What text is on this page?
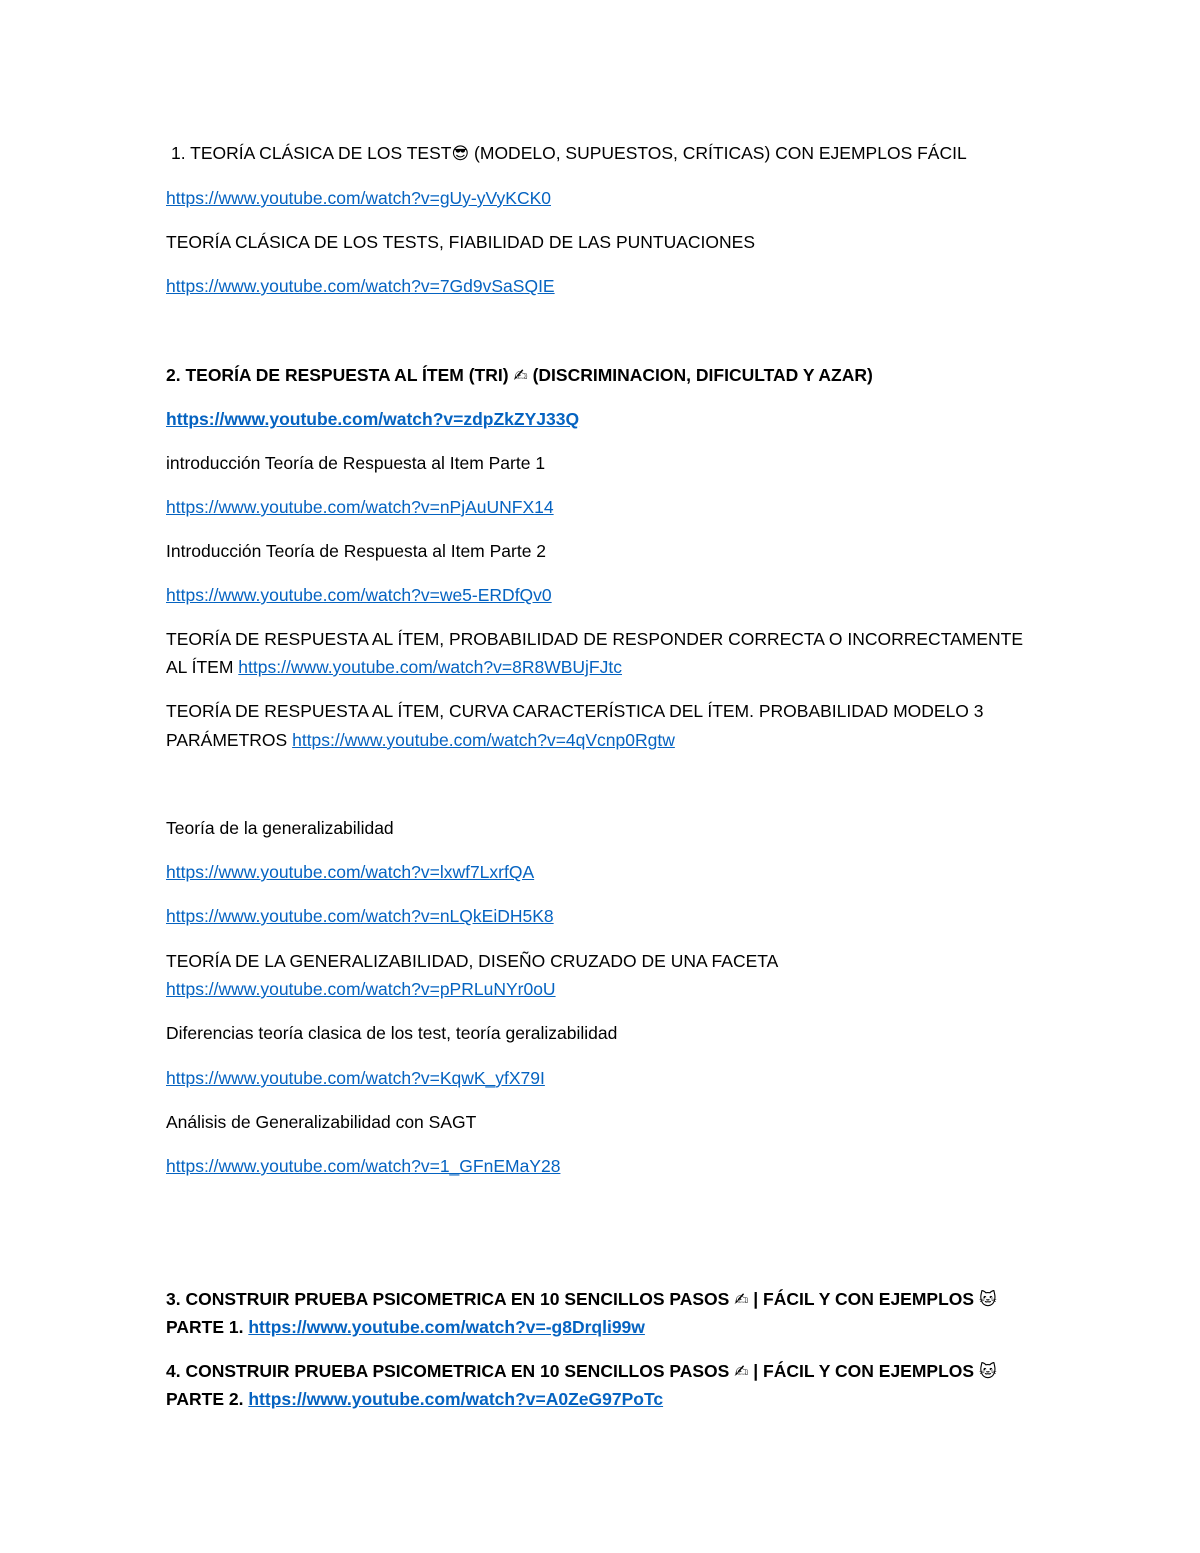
1. TEORÍA CLÁSICA DE LOS TEST😎 (MODELO, SUPUESTOS, CRÍTICAS) CON EJEMPLOS FÁCIL
https://www.youtube.com/watch?v=gUy-yVyKCK0
TEORÍA CLÁSICA DE LOS TESTS, FIABILIDAD DE LAS PUNTUACIONES
https://www.youtube.com/watch?v=7Gd9vSaSQIE
2. TEORÍA DE RESPUESTA AL ÍTEM (TRI) ✍ (DISCRIMINACION, DIFICULTAD Y AZAR)
https://www.youtube.com/watch?v=zdpZkZYJ33Q
introducción Teoría de Respuesta al Item Parte 1
https://www.youtube.com/watch?v=nPjAuUNFX14
Introducción Teoría de Respuesta al Item Parte 2
https://www.youtube.com/watch?v=we5-ERDfQv0
TEORÍA DE RESPUESTA AL ÍTEM, PROBABILIDAD DE RESPONDER CORRECTA O INCORRECTAMENTE
AL ÍTEM https://www.youtube.com/watch?v=8R8WBUjFJtc
TEORÍA DE RESPUESTA AL ÍTEM, CURVA CARACTERÍSTICA DEL ÍTEM. PROBABILIDAD MODELO 3
PARÁMETROS https://www.youtube.com/watch?v=4qVcnp0Rgtw
Teoría de la generalizabilidad
https://www.youtube.com/watch?v=lxwf7LxrfQA
https://www.youtube.com/watch?v=nLQkEiDH5K8
TEORÍA DE LA GENERALIZABILIDAD, DISEÑO CRUZADO DE UNA FACETA
https://www.youtube.com/watch?v=pPRLuNYr0oU
Diferencias teoría clasica de los test, teoría geralizabilidad
https://www.youtube.com/watch?v=KqwK_yfX79I
Análisis de Generalizabilidad con SAGT
https://www.youtube.com/watch?v=1_GFnEMaY28
3. CONSTRUIR PRUEBA PSICOMETRICA EN 10 SENCILLOS PASOS ✍ | FÁCIL Y CON EJEMPLOS 🐱
PARTE 1. https://www.youtube.com/watch?v=-g8Drqli99w
4. CONSTRUIR PRUEBA PSICOMETRICA EN 10 SENCILLOS PASOS ✍ | FÁCIL Y CON EJEMPLOS 🐱
PARTE 2. https://www.youtube.com/watch?v=A0ZeG97PoTc
